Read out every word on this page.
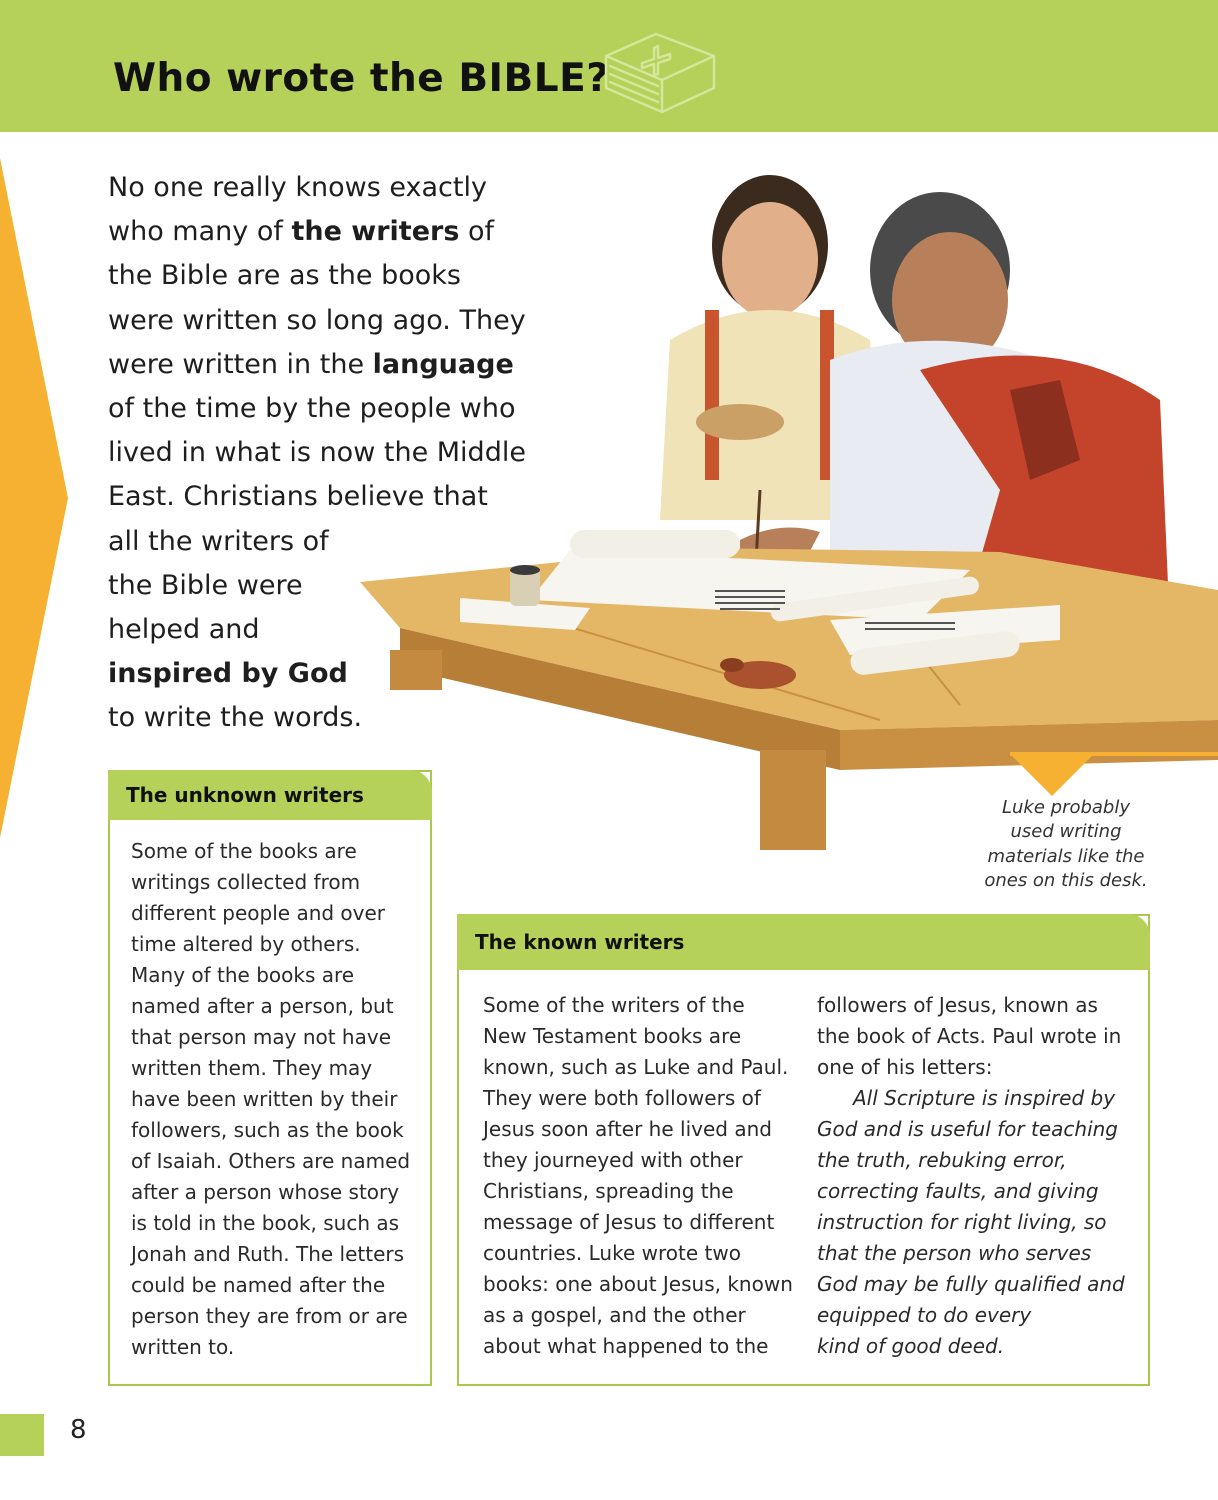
Who wrote the BIBLE?
No one really knows exactly
who many of the writers of
the Bible are as the books
were written so long ago. They
were written in the language
of the time by the people who
lived in what is now the Middle
East. Christians believe that
all the writers of
the Bible were
helped and
inspired by God
to write the words.
Luke probably
used writing
materials like the
ones on this desk.
The unknown writers
Some of the books are
writings collected from
different people and over
time altered by others.
Many of the books are
named after a person, but
that person may not have
written them. They may
have been written by their
followers, such as the book
of Isaiah. Others are named
after a person whose story
is told in the book, such as
Jonah and Ruth. The letters
could be named after the
person they are from or are
written to.
The known writers
Some of the writers of the
New Testament books are
known, such as Luke and Paul.
They were both followers of
Jesus soon after he lived and
they journeyed with other
Christians, spreading the
message of Jesus to different
countries. Luke wrote two
books: one about Jesus, known
as a gospel, and the other
about what happened to the
followers of Jesus, known as
the book of Acts. Paul wrote in
one of his letters:
All Scripture is inspired by
God and is useful for teaching
the truth, rebuking error,
correcting faults, and giving
instruction for right living, so
that the person who serves
God may be fully qualified and
equipped to do every
kind of good deed.
8
